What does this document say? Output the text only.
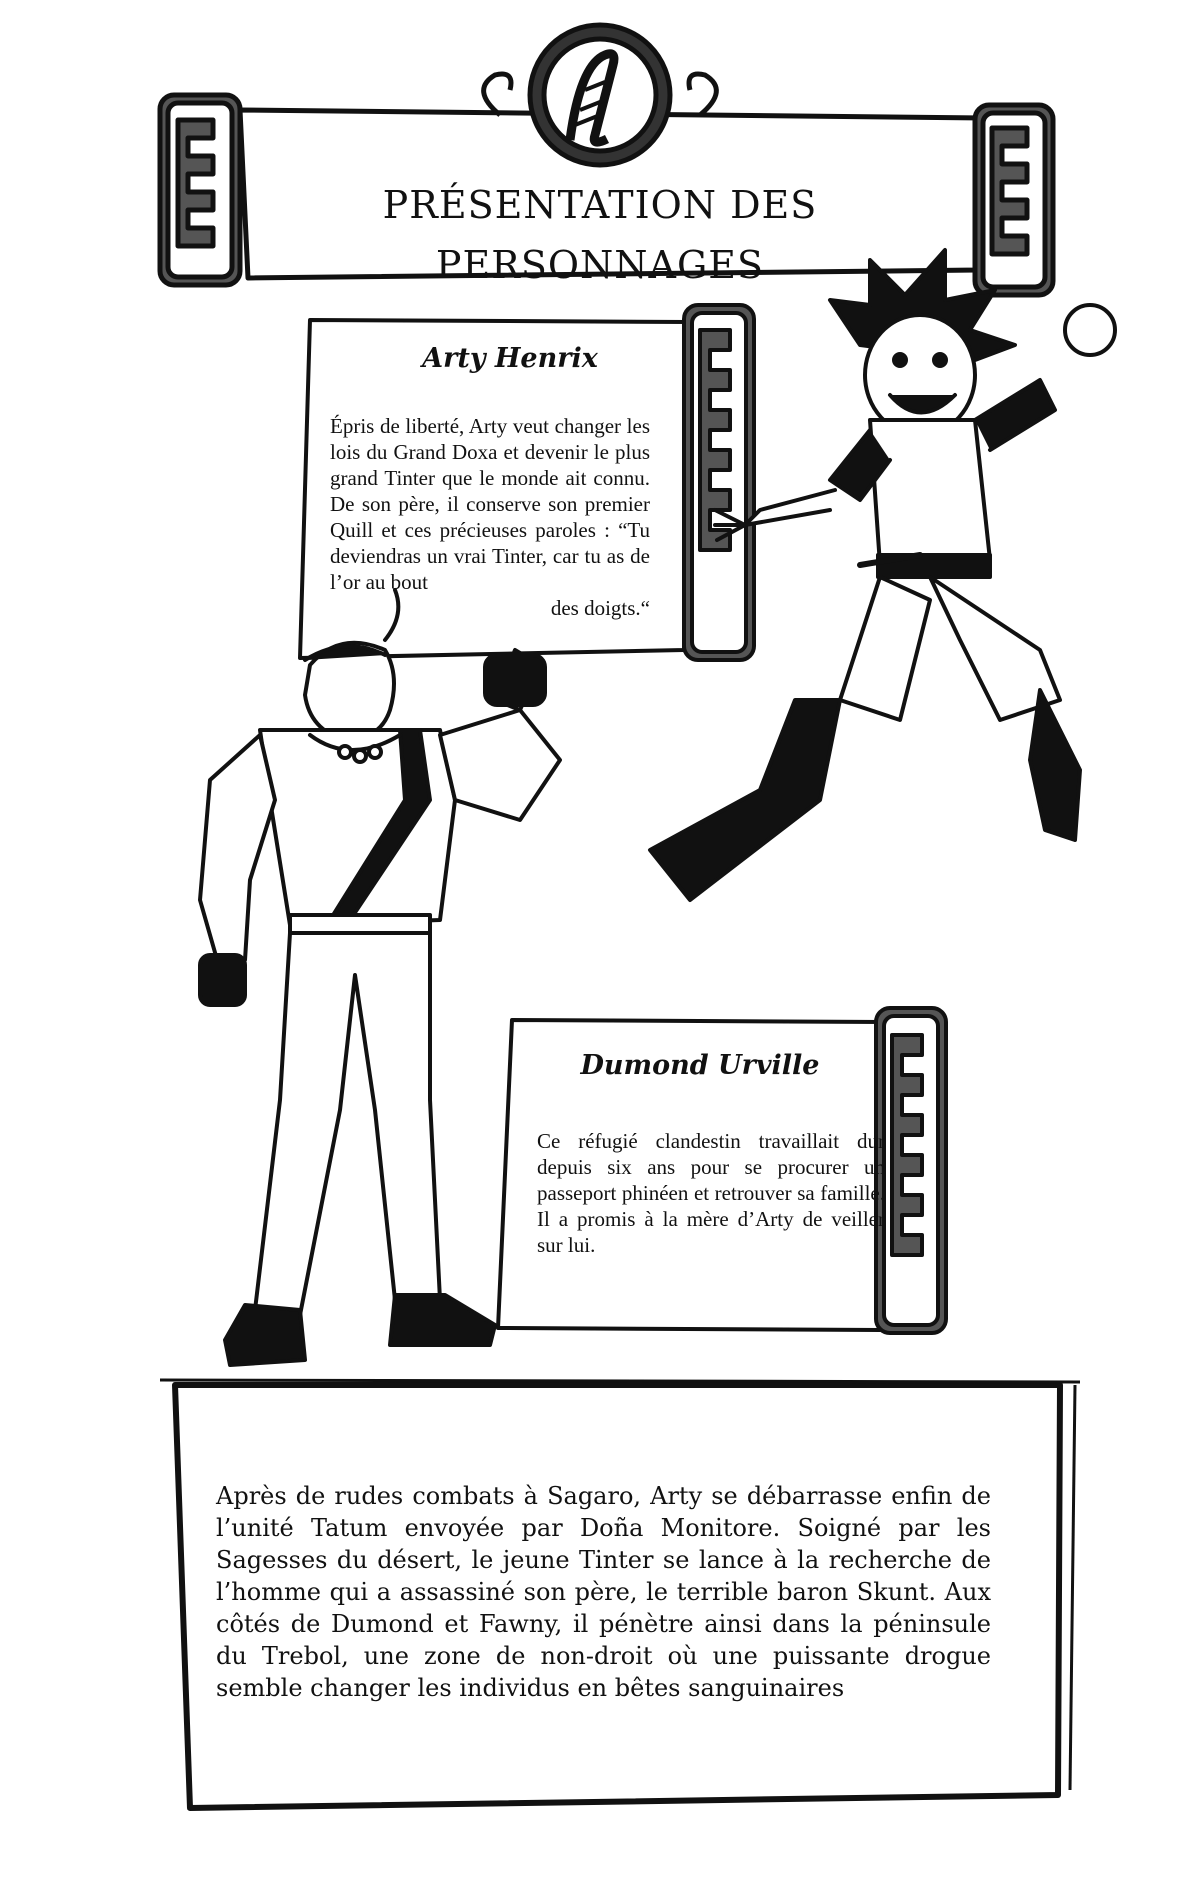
PRÉSENTATION DES PERSONNAGES
Arty Henrix
Épris de liberté, Arty veut changer les lois du Grand Doxa et devenir le plus grand Tinter que le monde ait connu. De son père, il conserve son premier Quill et ces précieuses paroles : “Tu deviendras un vrai Tinter, car tu as de l’or au bout
des doigts.“
Dumond Urville
Ce réfugié clandestin travaillait dur depuis six ans pour se procurer un passeport phinéen et retrouver sa famille. Il a promis à la mère d’Arty de veiller sur lui.
Après de rudes combats à Sagaro, Arty se débarrasse enfin de l’unité Tatum envoyée par Doña Monitore. Soigné par les Sagesses du désert, le jeune Tinter se lance à la recherche de l’homme qui a assassiné son père, le terrible baron Skunt. Aux côtés de Dumond et Fawny, il pénètre ainsi dans la péninsule du Trebol, une zone de non-droit où une puissante drogue semble changer les individus en bêtes sanguinaires
